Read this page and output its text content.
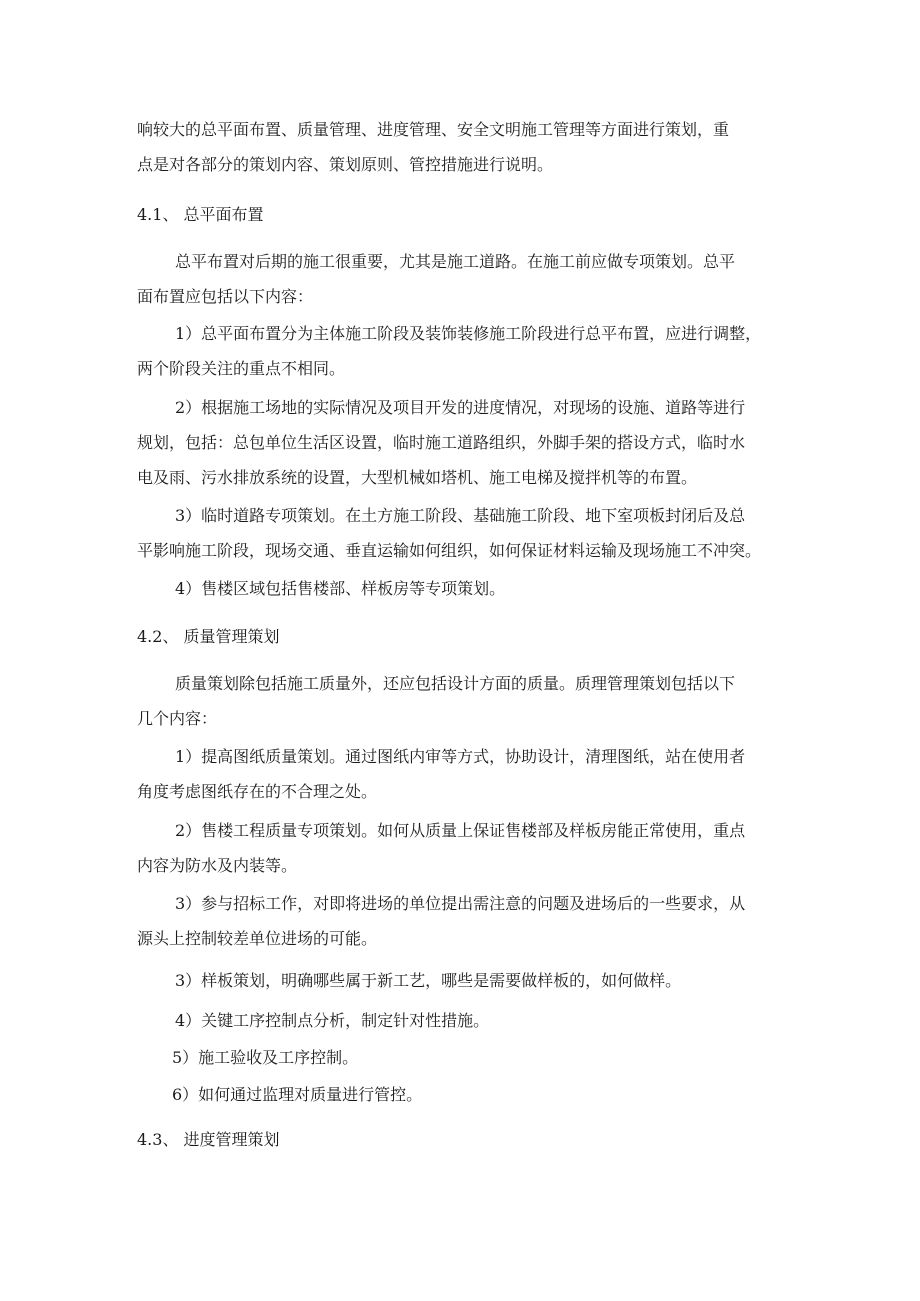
响较大的总平面布置、质量管理、进度管理、安全文明施工管理等方面进行策划，重
点是对各部分的策划内容、策划原则、管控措施进行说明。
4.1、 总平面布置
总平布置对后期的施工很重要，尤其是施工道路。在施工前应做专项策划。总平
面布置应包括以下内容：
1）总平面布置分为主体施工阶段及装饰装修施工阶段进行总平布置，应进行调整，
两个阶段关注的重点不相同。
2）根据施工场地的实际情况及项目开发的进度情况，对现场的设施、道路等进行
规划，包括：总包单位生活区设置，临时施工道路组织，外脚手架的搭设方式，临时水
电及雨、污水排放系统的设置，大型机械如塔机、施工电梯及搅拌机等的布置。
3）临时道路专项策划。在土方施工阶段、基础施工阶段、地下室项板封闭后及总
平影响施工阶段，现场交通、垂直运输如何组织，如何保证材料运输及现场施工不冲突。
4）售楼区域包括售楼部、样板房等专项策划。
4.2、 质量管理策划
质量策划除包括施工质量外，还应包括设计方面的质量。质理管理策划包括以下
几个内容：
1）提高图纸质量策划。通过图纸内审等方式，协助设计，清理图纸，站在使用者
角度考虑图纸存在的不合理之处。
2）售楼工程质量专项策划。如何从质量上保证售楼部及样板房能正常使用，重点
内容为防水及内装等。
3）参与招标工作，对即将进场的单位提出需注意的问题及进场后的一些要求，从
源头上控制较差单位进场的可能。
3）样板策划，明确哪些属于新工艺，哪些是需要做样板的，如何做样。
4）关键工序控制点分析，制定针对性措施。
5）施工验收及工序控制。
6）如何通过监理对质量进行管控。
4.3、 进度管理策划
